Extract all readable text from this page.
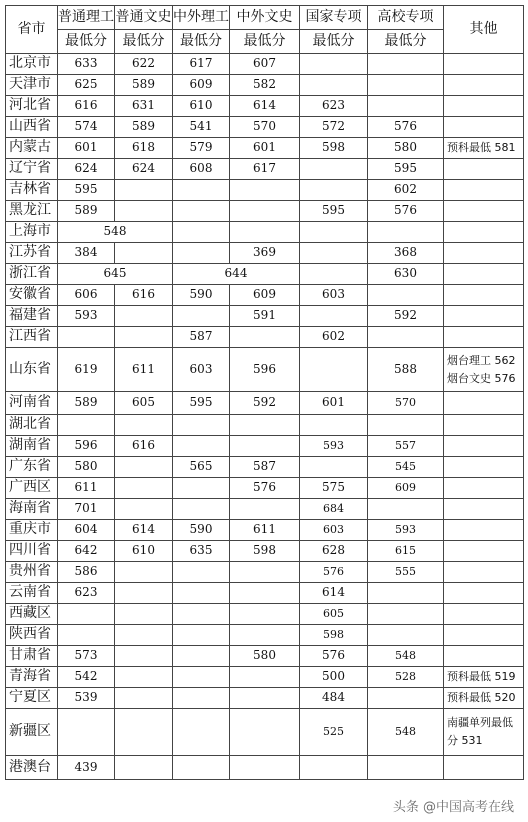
省市	普通理工	普通文史	中外理工	中外文史	国家专项	高校专项	其他
	最低分	最低分	最低分	最低分	最低分	最低分	
北京市	633	622	617	607			
天津市	625	589	609	582			
河北省	616	631	610	614	623		
山西省	574	589	541	570	572	576	
内蒙古	601	618	579	601	598	580	预科最低 581
辽宁省	624	624	608	617		595	
吉林省	595					602	
黑龙江	589				595	576	
上海市	548						
江苏省	384			369		368	
浙江省	645		644			630	
安徽省	606	616	590	609	603		
福建省	593			591		592	
江西省			587		602		
山东省	619	611	603	596		588	烟台理工 562
烟台文史 576
河南省	589	605	595	592	601	570	
湖北省							
湖南省	596	616			593	557	
广东省	580		565	587		545	
广西区	611			576	575	609	
海南省	701				684		
重庆市	604	614	590	611	603	593	
四川省	642	610	635	598	628	615	
贵州省	586				576	555	
云南省	623				614		
西藏区					605		
陕西省					598		
甘肃省	573			580	576	548	
青海省	542				500	528	预科最低 519
宁夏区	539				484		预科最低 520
新疆区					525	548	南疆单列最低分 531
港澳台	439						
头条 @中国高考在线
